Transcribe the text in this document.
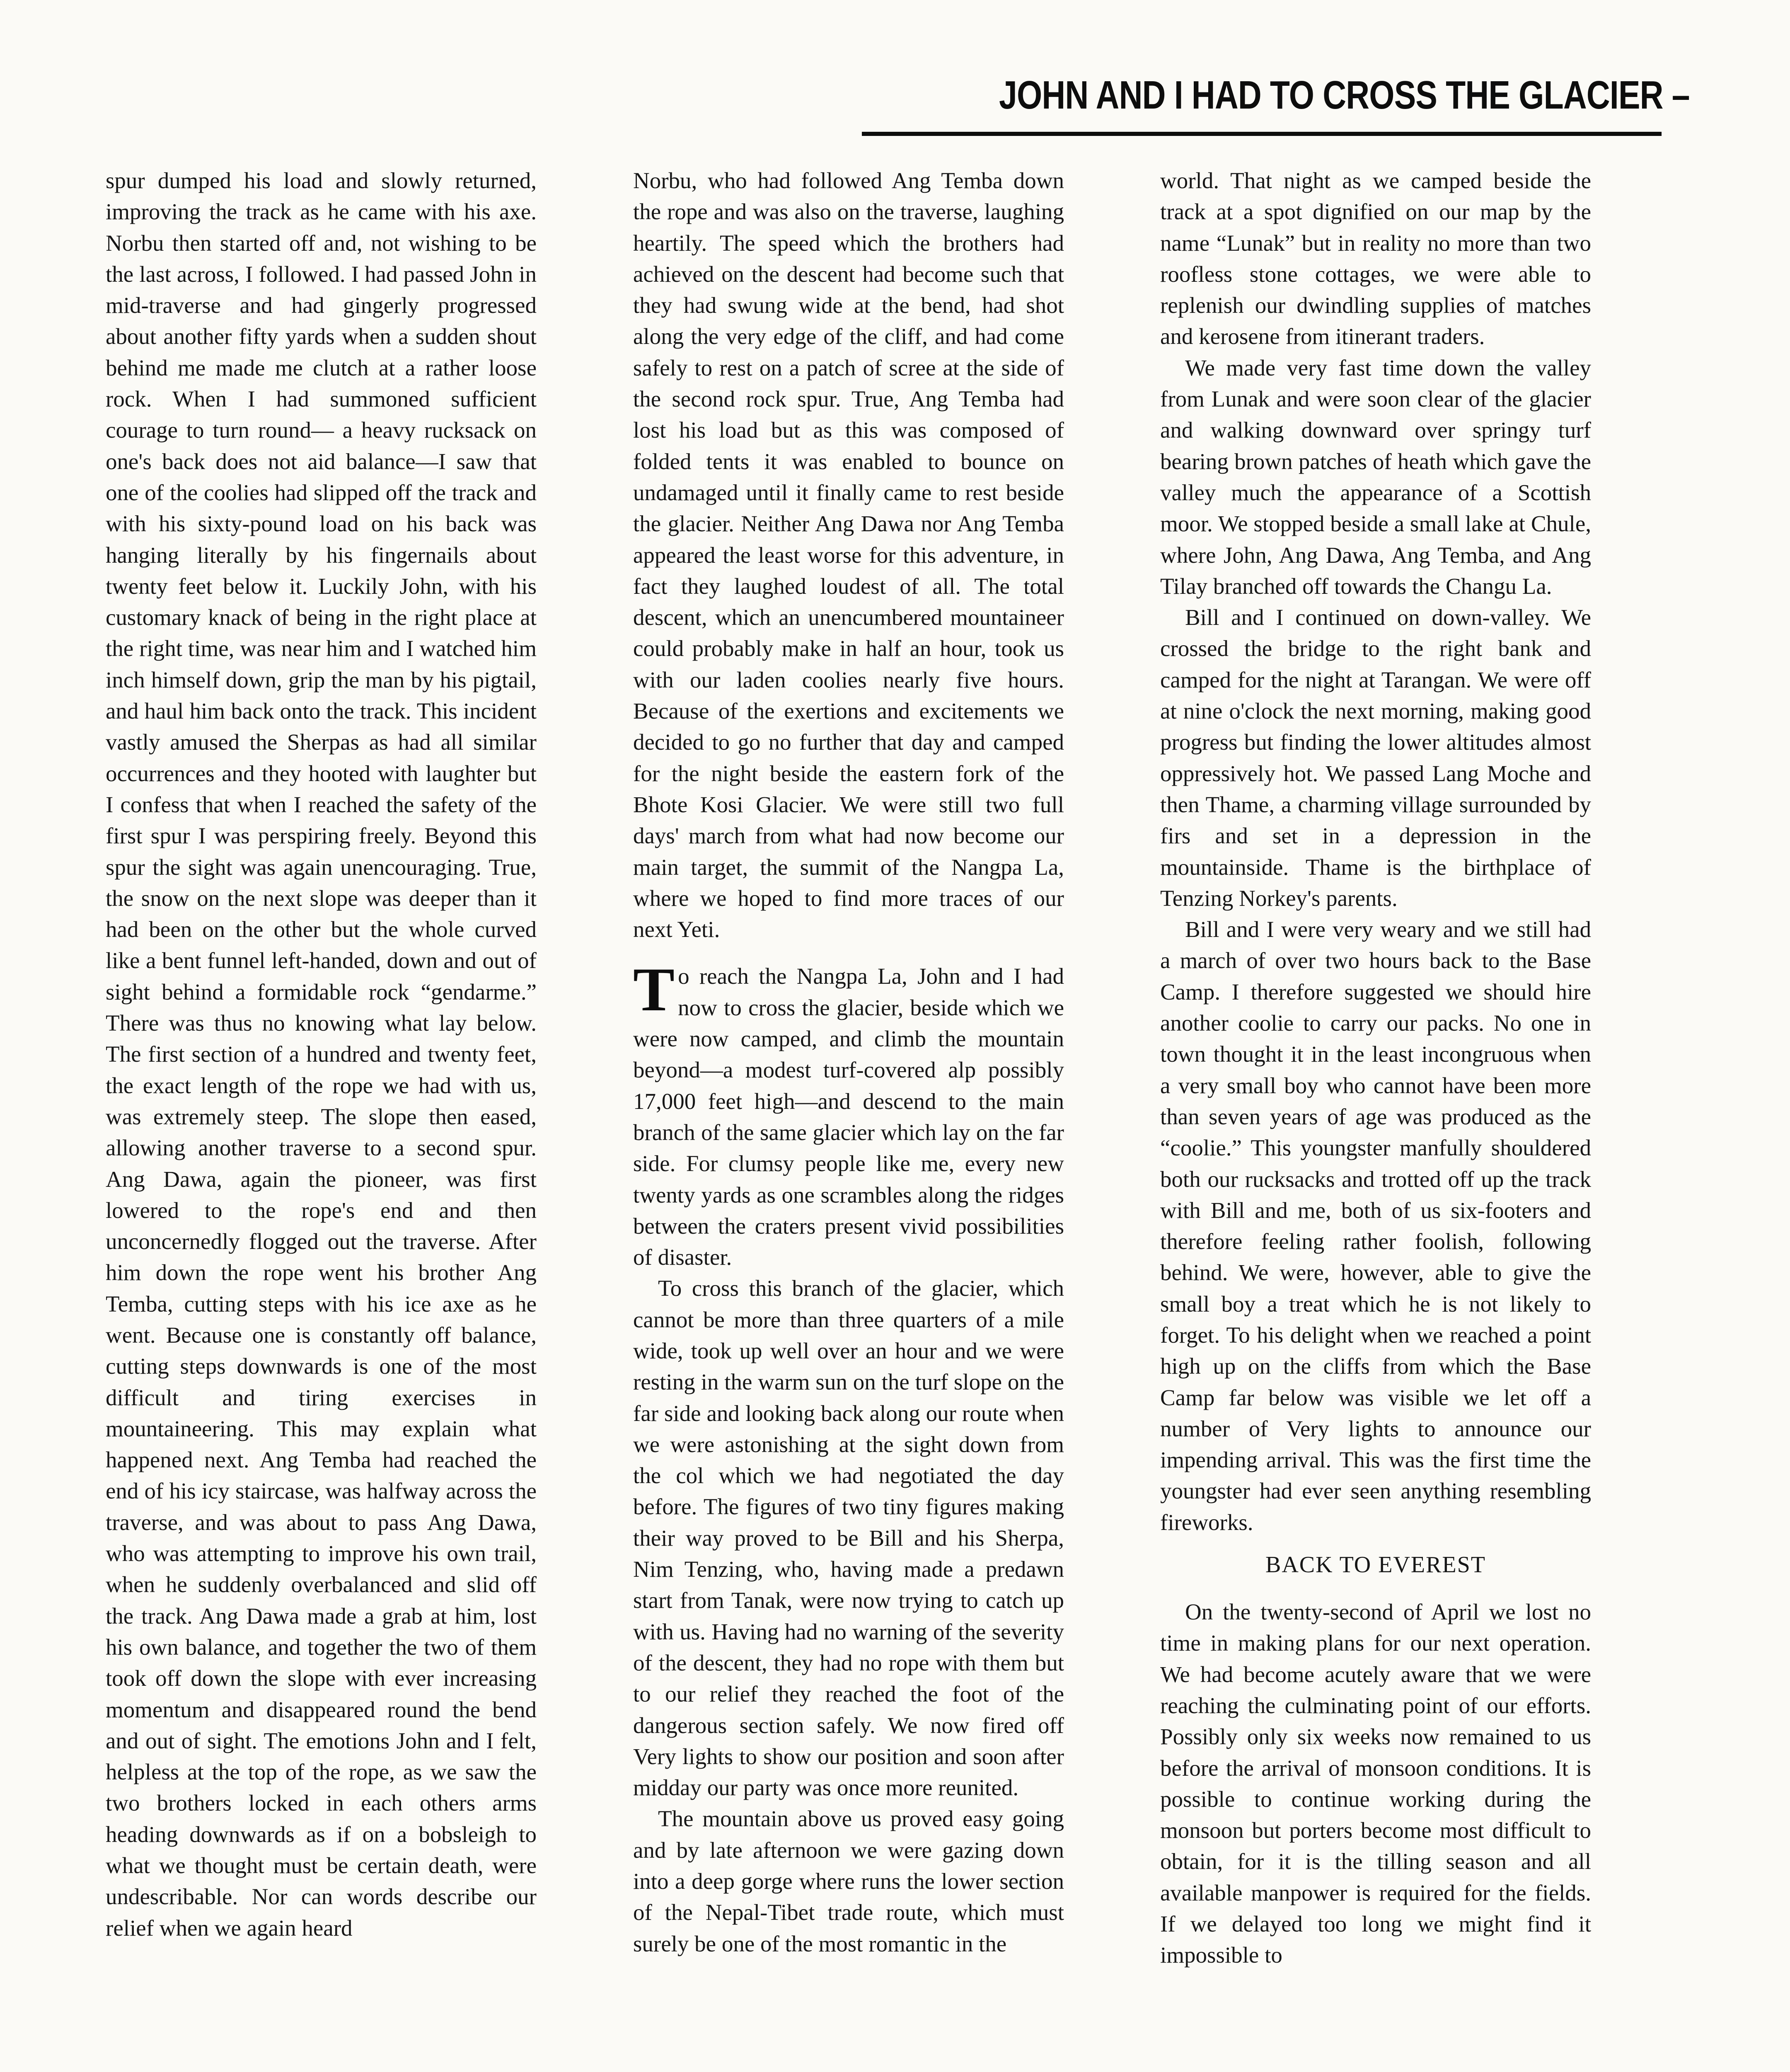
JOHN AND I HAD TO CROSS THE GLACIER –

spur dumped his load and slowly returned, improving the track as he came with his axe. Norbu then started off and, not wishing to be the last across, I followed. I had passed John in mid-traverse and had gingerly progressed about another fifty yards when a sudden shout behind me made me clutch at a rather loose rock. When I had summoned sufficient courage to turn round— a heavy rucksack on one's back does not aid balance—I saw that one of the coolies had slipped off the track and with his sixty-pound load on his back was hanging literally by his fingernails about twenty feet below it. Luckily John, with his customary knack of being in the right place at the right time, was near him and I watched him inch himself down, grip the man by his pigtail, and haul him back onto the track. This incident vastly amused the Sherpas as had all similar occurrences and they hooted with laughter but I confess that when I reached the safety of the first spur I was perspiring freely. Beyond this spur the sight was again unencouraging. True, the snow on the next slope was deeper than it had been on the other but the whole curved like a bent funnel left-handed, down and out of sight behind a formidable rock “gendarme.” There was thus no knowing what lay below. The first section of a hundred and twenty feet, the exact length of the rope we had with us, was extremely steep. The slope then eased, allowing another traverse to a second spur. Ang Dawa, again the pioneer, was first lowered to the rope's end and then unconcernedly flogged out the traverse. After him down the rope went his brother Ang Temba, cutting steps with his ice axe as he went. Because one is constantly off balance, cutting steps downwards is one of the most difficult and tiring exercises in mountaineering. This may explain what happened next. Ang Temba had reached the end of his icy staircase, was halfway across the traverse, and was about to pass Ang Dawa, who was attempting to improve his own trail, when he suddenly overbalanced and slid off the track. Ang Dawa made a grab at him, lost his own balance, and together the two of them took off down the slope with ever increasing momentum and disappeared round the bend and out of sight. The emotions John and I felt, helpless at the top of the rope, as we saw the two brothers locked in each others arms heading downwards as if on a bobsleigh to what we thought must be certain death, were undescribable. Nor can words describe our relief when we again heard

Norbu, who had followed Ang Temba down the rope and was also on the traverse, laughing heartily. The speed which the brothers had achieved on the descent had become such that they had swung wide at the bend, had shot along the very edge of the cliff, and had come safely to rest on a patch of scree at the side of the second rock spur. True, Ang Temba had lost his load but as this was composed of folded tents it was enabled to bounce on undamaged until it finally came to rest beside the glacier. Neither Ang Dawa nor Ang Temba appeared the least worse for this adventure, in fact they laughed loudest of all. The total descent, which an unencumbered mountaineer could probably make in half an hour, took us with our laden coolies nearly five hours. Because of the exertions and excitements we decided to go no further that day and camped for the night beside the eastern fork of the Bhote Kosi Glacier. We were still two full days' march from what had now become our main target, the summit of the Nangpa La, where we hoped to find more traces of our next Yeti.

To reach the Nangpa La, John and I had now to cross the glacier, beside which we were now camped, and climb the mountain beyond—a modest turf-covered alp possibly 17,000 feet high—and descend to the main branch of the same glacier which lay on the far side. For clumsy people like me, every new twenty yards as one scrambles along the ridges between the craters present vivid possibilities of disaster.

To cross this branch of the glacier, which cannot be more than three quarters of a mile wide, took up well over an hour and we were resting in the warm sun on the turf slope on the far side and looking back along our route when we were astonishing at the sight down from the col which we had negotiated the day before. The figures of two tiny figures making their way proved to be Bill and his Sherpa, Nim Tenzing, who, having made a predawn start from Tanak, were now trying to catch up with us. Having had no warning of the severity of the descent, they had no rope with them but to our relief they reached the foot of the dangerous section safely. We now fired off Very lights to show our position and soon after midday our party was once more reunited.

The mountain above us proved easy going and by late afternoon we were gazing down into a deep gorge where runs the lower section of the Nepal-Tibet trade route, which must surely be one of the most romantic in the

world. That night as we camped beside the track at a spot dignified on our map by the name “Lunak” but in reality no more than two roofless stone cottages, we were able to replenish our dwindling supplies of matches and kerosene from itinerant traders.

We made very fast time down the valley from Lunak and were soon clear of the glacier and walking downward over springy turf bearing brown patches of heath which gave the valley much the appearance of a Scottish moor. We stopped beside a small lake at Chule, where John, Ang Dawa, Ang Temba, and Ang Tilay branched off towards the Changu La.

Bill and I continued on down-valley. We crossed the bridge to the right bank and camped for the night at Tarangan. We were off at nine o'clock the next morning, making good progress but finding the lower altitudes almost oppressively hot. We passed Lang Moche and then Thame, a charming village surrounded by firs and set in a depression in the mountainside. Thame is the birthplace of Tenzing Norkey's parents.

Bill and I were very weary and we still had a march of over two hours back to the Base Camp. I therefore suggested we should hire another coolie to carry our packs. No one in town thought it in the least incongruous when a very small boy who cannot have been more than seven years of age was produced as the “coolie.” This youngster manfully shouldered both our rucksacks and trotted off up the track with Bill and me, both of us six-footers and therefore feeling rather foolish, following behind. We were, however, able to give the small boy a treat which he is not likely to forget. To his delight when we reached a point high up on the cliffs from which the Base Camp far below was visible we let off a number of Very lights to announce our impending arrival. This was the first time the youngster had ever seen anything resembling fireworks.

BACK TO EVEREST

On the twenty-second of April we lost no time in making plans for our next operation. We had become acutely aware that we were reaching the culminating point of our efforts. Possibly only six weeks now remained to us before the arrival of monsoon conditions. It is possible to continue working during the monsoon but porters become most difficult to obtain, for it is the tilling season and all available manpower is required for the fields. If we delayed too long we might find it impossible to
